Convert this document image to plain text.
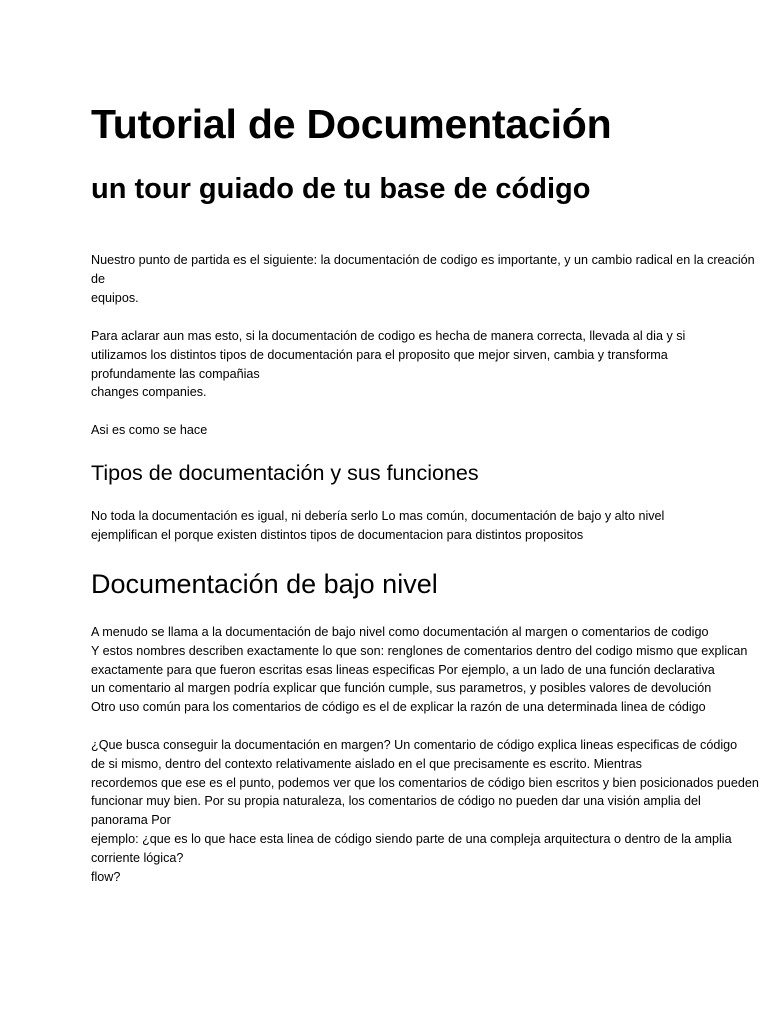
Tutorial de Documentación
un tour guiado de tu base de código
Nuestro punto de partida es el siguiente: la documentación de codigo es importante, y un cambio radical en la creación
de
equipos.
Para aclarar aun mas esto, si la documentación de codigo es hecha de manera correcta, llevada al dia y si
utilizamos los distintos tipos de documentación para el proposito que mejor sirven, cambia y transforma
profundamente las compañias
changes companies.
Asi es como se hace
Tipos de documentación y sus funciones
No toda la documentación es igual, ni debería serlo Lo mas común, documentación de bajo y alto nivel
ejemplifican el porque existen distintos tipos de documentacion para distintos propositos
Documentación de bajo nivel
A menudo se llama a la documentación de bajo nivel como documentación al margen o comentarios de codigo
Y estos nombres describen exactamente lo que son: renglones de comentarios dentro del codigo mismo que explican
exactamente para que fueron escritas esas lineas especificas Por ejemplo, a un lado de una función declarativa
un comentario al margen podría explicar que función cumple, sus parametros, y posibles valores de devolución
Otro uso común para los comentarios de código es el de explicar la razón de una determinada linea de código
¿Que busca conseguir la documentación en margen? Un comentario de código explica lineas especificas de código
de si mismo, dentro del contexto relativamente aislado en el que precisamente es escrito. Mientras
recordemos que ese es el punto, podemos ver que los comentarios de código bien escritos y bien posicionados pueden
funcionar muy bien. Por su propia naturaleza, los comentarios de código no pueden dar una visión amplia del
panorama Por
ejemplo: ¿que es lo que hace esta linea de código siendo parte de una compleja arquitectura o dentro de la amplia
corriente lógica?
flow?
